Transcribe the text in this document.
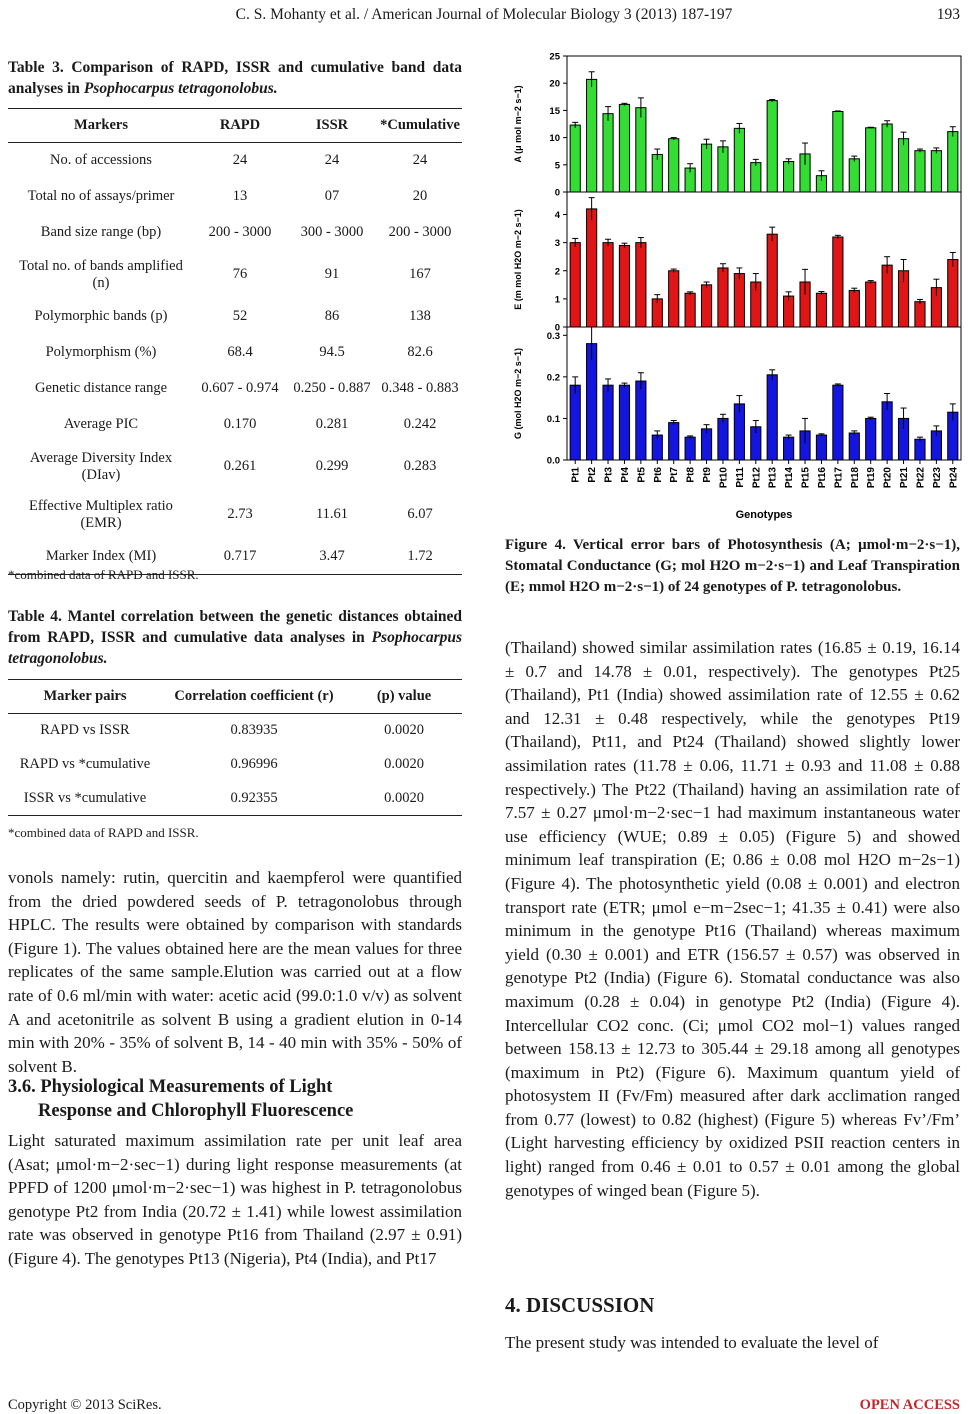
C. S. Mohanty et al. / American Journal of Molecular Biology 3 (2013) 187-197	193
Table 3. Comparison of RAPD, ISSR and cumulative band data analyses in Psophocarpus tetragonolobus.
Markers	RAPD	ISSR	*Cumulative
No. of accessions	24	24	24
Total no of assays/primer	13	07	20
Band size range (bp)	200 - 3000	300 - 3000	200 - 3000
Total no. of bands amplified (n)	76	91	167
Polymorphic bands (p)	52	86	138
Polymorphism (%)	68.4	94.5	82.6
Genetic distance range	0.607 - 0.974	0.250 - 0.887	0.348 - 0.883
Average PIC	0.170	0.281	0.242
Average Diversity Index (DIav)	0.261	0.299	0.283
Effective Multiplex ratio (EMR)	2.73	11.61	6.07
Marker Index (MI)	0.717	3.47	1.72
*combined data of RAPD and ISSR.
Table 4. Mantel correlation between the genetic distances obtained from RAPD, ISSR and cumulative data analyses in Psophocarpus tetragonolobus.
Marker pairs	Correlation coefficient (r)	(p) value
RAPD vs ISSR	0.83935	0.0020
RAPD vs *cumulative	0.96996	0.0020
ISSR vs *cumulative	0.92355	0.0020
*combined data of RAPD and ISSR.
vonols namely: rutin, quercitin and kaempferol were quantified from the dried powdered seeds of P. tetragonolobus through HPLC. The results were obtained by comparison with standards (Figure 1). The values obtained here are the mean values for three replicates of the same sample.Elution was carried out at a flow rate of 0.6 ml/min with water: acetic acid (99.0:1.0 v/v) as solvent A and acetonitrile as solvent B using a gradient elution in 0-14 min with 20% - 35% of solvent B, 14 - 40 min with 35% - 50% of solvent B.
3.6. Physiological Measurements of Light
Response and Chlorophyll Fluorescence
Light saturated maximum assimilation rate per unit leaf area (Asat; μmol·m−2·sec−1) during light response measurements (at PPFD of 1200 μmol·m−2·sec−1) was highest in P. tetragonolobus genotype Pt2 from India (20.72 ± 1.41) while lowest assimilation rate was observed in genotype Pt16 from Thailand (2.97 ± 0.91) (Figure 4). The genotypes Pt13 (Nigeria), Pt4 (India), and Pt17
0
5
10
15
20
25
A (μ mol m−2 s−1)
0
1
2
3
4
E (m mol H2O m−2 s−1)
0.0
0.1
0.2
0.3
G (mol H2O m−2 s−1)
Pt1 Pt2 Pt3 Pt4 Pt5 Pt6 Pt7 Pt8 Pt9 Pt10 Pt11 Pt12 Pt13 Pt14 Pt15 Pt16 Pt17 Pt18 Pt19 Pt20 Pt21 Pt22 Pt23 Pt24
Genotypes
Figure 4. Vertical error bars of Photosynthesis (A; μmol·m−2·s−1), Stomatal Conductance (G; mol H2O m−2·s−1) and Leaf Transpiration (E; mmol H2O m−2·s−1) of 24 genotypes of P. tetragonolobus.
(Thailand) showed similar assimilation rates (16.85 ± 0.19, 16.14 ± 0.7 and 14.78 ± 0.01, respectively). The genotypes Pt25 (Thailand), Pt1 (India) showed assimilation rate of 12.55 ± 0.62 and 12.31 ± 0.48 respectively, while the genotypes Pt19 (Thailand), Pt11, and Pt24 (Thailand) showed slightly lower assimilation rates (11.78 ± 0.06, 11.71 ± 0.93 and 11.08 ± 0.88 respectively.) The Pt22 (Thailand) having an assimilation rate of 7.57 ± 0.27 μmol·m−2·sec−1 had maximum instantaneous water use efficiency (WUE; 0.89 ± 0.05) (Figure 5) and showed minimum leaf transpiration (E; 0.86 ± 0.08 mol H2O m−2s−1) (Figure 4). The photosynthetic yield (0.08 ± 0.001) and electron transport rate (ETR; μmol e−m−2sec−1; 41.35 ± 0.41) were also minimum in the genotype Pt16 (Thailand) whereas maximum yield (0.30 ± 0.001) and ETR (156.57 ± 0.57) was observed in genotype Pt2 (India) (Figure 6). Stomatal conductance was also maximum (0.28 ± 0.04) in genotype Pt2 (India) (Figure 4). Intercellular CO2 conc. (Ci; μmol CO2 mol−1) values ranged between 158.13 ± 12.73 to 305.44 ± 29.18 among all genotypes (maximum in Pt2) (Figure 6). Maximum quantum yield of photosystem II (Fv/Fm) measured after dark acclimation ranged from 0.77 (lowest) to 0.82 (highest) (Figure 5) whereas Fv’/Fm’ (Light harvesting efficiency by oxidized PSII reaction centers in light) ranged from 0.46 ± 0.01 to 0.57 ± 0.01 among the global genotypes of winged bean (Figure 5).
4. DISCUSSION
The present study was intended to evaluate the level of
Copyright © 2013 SciRes.	OPEN ACCESS
